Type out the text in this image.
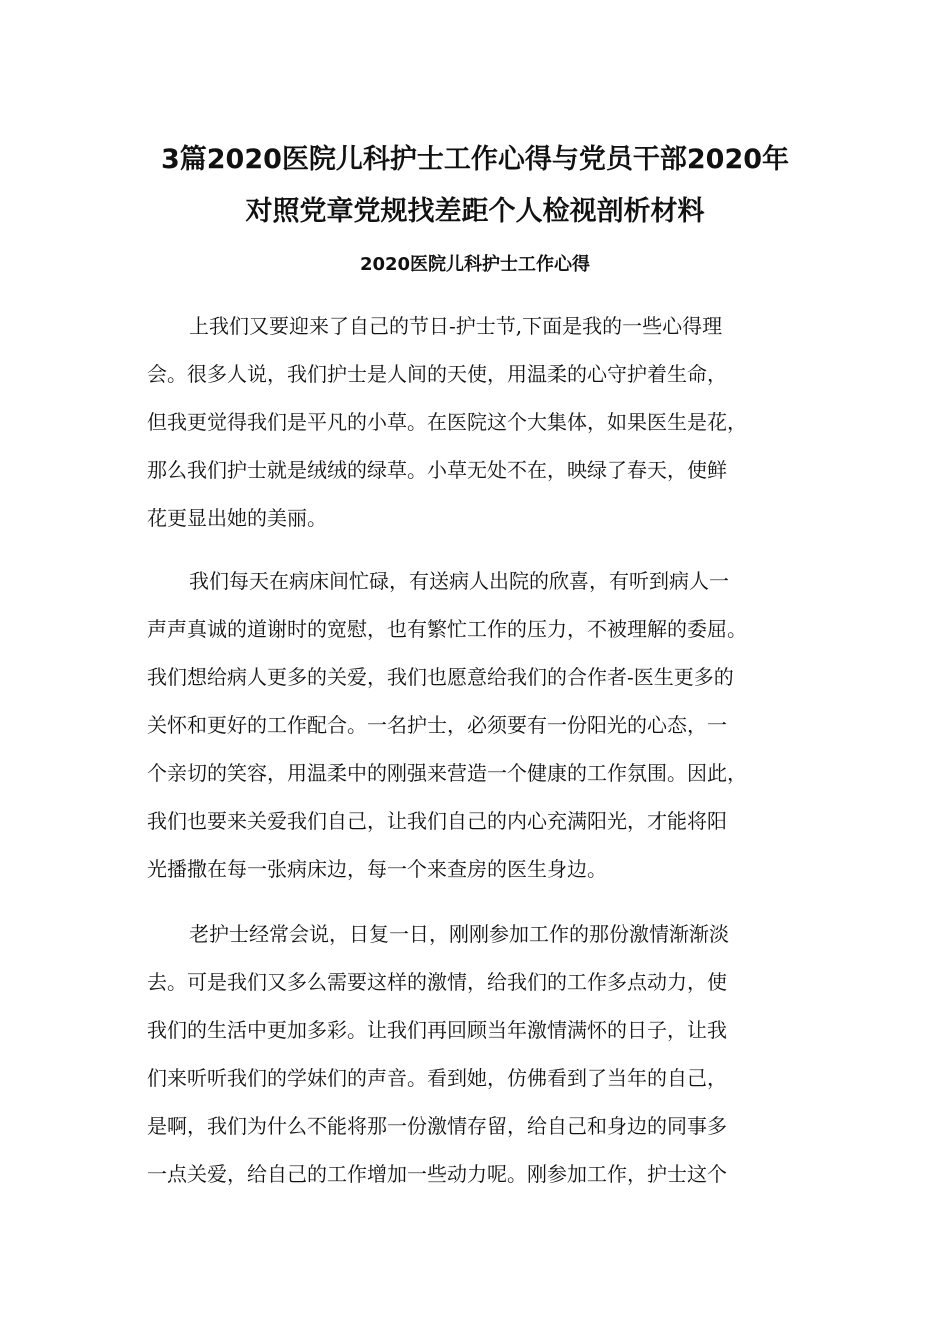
3篇2020医院儿科护士工作心得与党员干部2020年
对照党章党规找差距个人检视剖析材料
2020医院儿科护士工作心得
上我们又要迎来了自己的节日-护士节,下面是我的一些心得理
会。很多人说，我们护士是人间的天使，用温柔的心守护着生命，
但我更觉得我们是平凡的小草。在医院这个大集体，如果医生是花，
那么我们护士就是绒绒的绿草。小草无处不在，映绿了春天，使鲜
花更显出她的美丽。
我们每天在病床间忙碌，有送病人出院的欣喜，有听到病人一
声声真诚的道谢时的宽慰，也有繁忙工作的压力，不被理解的委屈。
我们想给病人更多的关爱，我们也愿意给我们的合作者-医生更多的
关怀和更好的工作配合。一名护士，必须要有一份阳光的心态，一
个亲切的笑容，用温柔中的刚强来营造一个健康的工作氛围。因此，
我们也要来关爱我们自己，让我们自己的内心充满阳光，才能将阳
光播撒在每一张病床边，每一个来查房的医生身边。
老护士经常会说，日复一日，刚刚参加工作的那份激情渐渐淡
去。可是我们又多么需要这样的激情，给我们的工作多点动力，使
我们的生活中更加多彩。让我们再回顾当年激情满怀的日子，让我
们来听听我们的学妹们的声音。看到她，仿佛看到了当年的自己，
是啊，我们为什么不能将那一份激情存留，给自己和身边的同事多
一点关爱，给自己的工作增加一些动力呢。刚参加工作，护士这个
